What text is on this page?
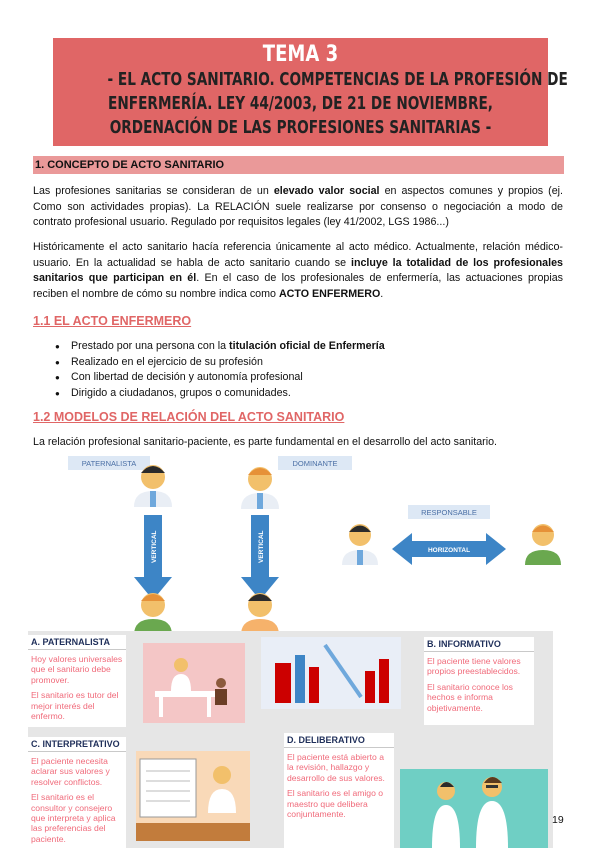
TEMA 3
- EL ACTO SANITARIO. COMPETENCIAS DE LA PROFESIÓN DE
ENFERMERÍA. LEY 44/2003, DE 21 DE NOVIEMBRE,
ORDENACIÓN DE LAS PROFESIONES SANITARIAS -
1. CONCEPTO DE ACTO SANITARIO
Las profesiones sanitarias se consideran de un elevado valor social en aspectos comunes y propios (ej. Como son actividades propias). La RELACIÓN suele realizarse por consenso o negociación a modo de contrato profesional usuario. Regulado por requisitos legales (ley 41/2002, LGS 1986...)
Históricamente el acto sanitario hacía referencia únicamente al acto médico. Actualmente, relación médico-usuario. En la actualidad se habla de acto sanitario cuando se incluye la totalidad de los profesionales sanitarios que participan en él. En el caso de los profesionales de enfermería, las actuaciones propias reciben el nombre de cómo su nombre indica como ACTO ENFERMERO.
1.1 EL ACTO ENFERMERO
● Prestado por una persona con la titulación oficial de Enfermería
● Realizado en el ejercicio de su profesión
● Con libertad de decisión y autonomía profesional
● Dirigido a ciudadanos, grupos o comunidades.
1.2 MODELOS DE RELACIÓN DEL ACTO SANITARIO
La relación profesional sanitario-paciente, es parte fundamental en el desarrollo del acto sanitario.
PATERNALISTA	DOMINANTE
RESPONSABLE
VERTICAL	VERTICAL	HORIZONTAL
A. PATERNALISTA

Hoy valores universales que el sanitario debe promover.

El sanitario es tutor del mejor interés del enfermo.

B. INFORMATIVO

El paciente tiene valores propios preestablecidos.

El sanitario conoce los hechos e informa objetivamente.

C. INTERPRETATIVO

El paciente necesita aclarar sus valores y resolver conflictos.

El sanitario es el consultor y consejero que interpreta y aplica las preferencias del paciente.

D. DELIBERATIVO

El paciente está abierto a la revisión, hallazgo y desarrollo de sus valores.

El sanitario es el amigo o maestro que delibera conjuntamente.	19
